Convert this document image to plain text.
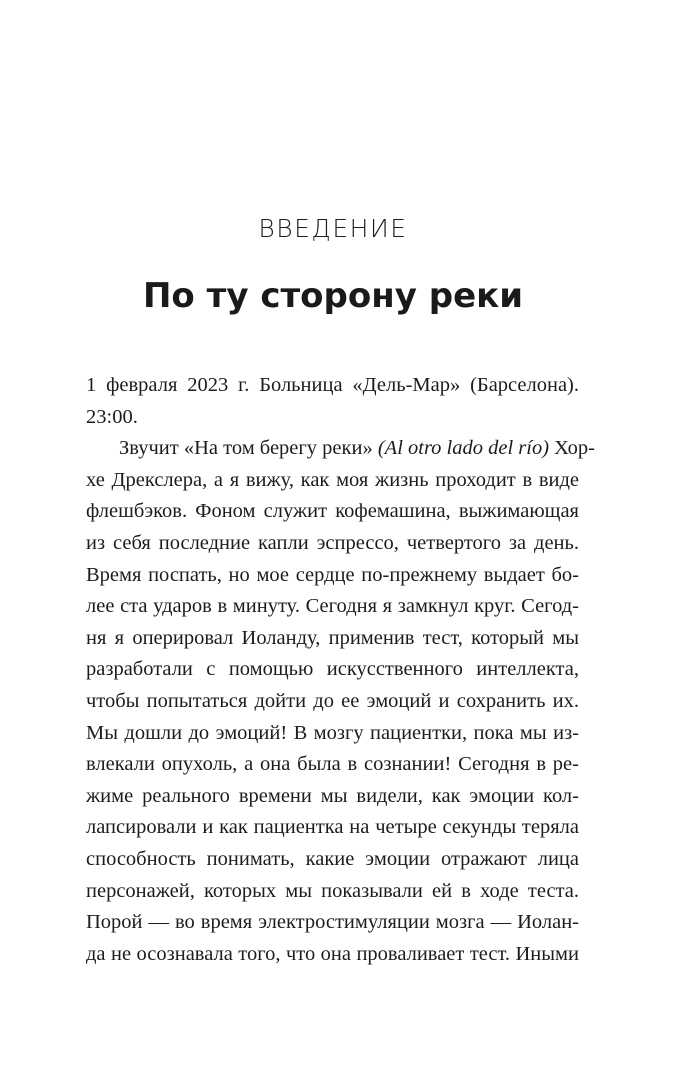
ВВЕДЕНИЕ
По ту сторону реки
1 февраля 2023 г. Больница «Дель-Мар» (Барселона).
23:00.
Звучит «На том берегу реки» (Al otro lado del río) Хор-
хе Дрекслера, а я вижу, как моя жизнь проходит в виде
флешбэков. Фоном служит кофемашина, выжимающая
из себя последние капли эспрессо, четвертого за день.
Время поспать, но мое сердце по-прежнему выдает бо-
лее ста ударов в минуту. Сегодня я замкнул круг. Сегод-
ня я оперировал Иоланду, применив тест, который мы
разработали с помощью искусственного интеллекта,
чтобы попытаться дойти до ее эмоций и сохранить их.
Мы дошли до эмоций! В мозгу пациентки, пока мы из-
влекали опухоль, а она была в сознании! Сегодня в ре-
жиме реального времени мы видели, как эмоции кол-
лапсировали и как пациентка на четыре секунды теряла
способность понимать, какие эмоции отражают лица
персонажей, которых мы показывали ей в ходе теста.
Порой — во время электростимуляции мозга — Иолан-
да не осознавала того, что она проваливает тест. Иными
